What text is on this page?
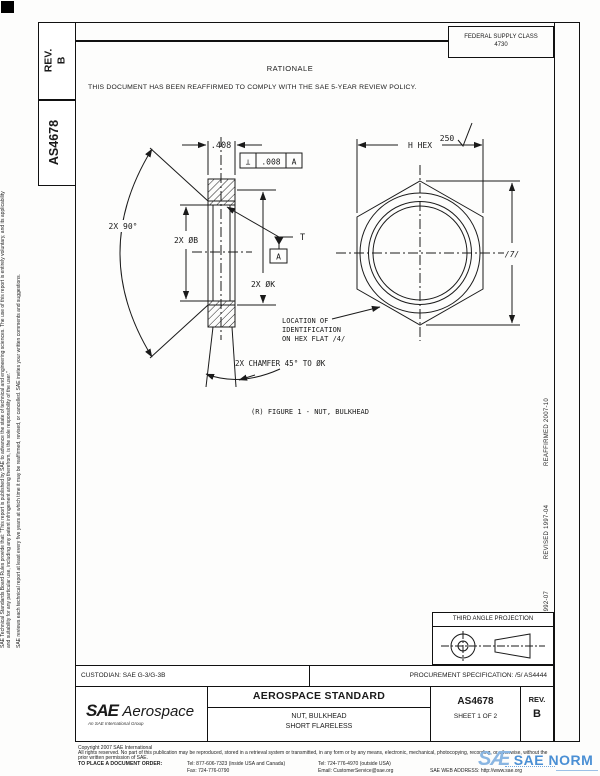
REV. B
AS4678
FEDERAL SUPPLY CLASS
4730
RATIONALE
THIS DOCUMENT HAS BEEN REAFFIRMED TO COMPLY WITH THE SAE 5-YEAR REVIEW POLICY.
.408
⊥ .008 A
2X 90°
2X ØB
2X ØK
A
T
2X CHAMFER 45° TO ØK
H HEX
250
/7/
LOCATION OF
IDENTIFICATION
ON HEX FLAT /4/
(R) FIGURE 1 - NUT, BULKHEAD

SAE Technical Standards Board Rules provide that: "This report is published by SAE to advance the state of technical and engineering sciences. The use of this report is entirely voluntary, and its applicability and suitability for any particular use, including any patent infringement arising therefrom, is the sole responsibility of the user." SAE reviews each technical report at least every five years at which time it may be reaffirmed, revised, or cancelled. SAE invites your written comments and suggestions.	REAFFIRMED 2007-10
REVISED 1997-04
THIRD ANGLE PROJECTION
CUSTODIAN: SAE G-3/G-3B	PROCUREMENT SPECIFICATION: /5/ AS4444
SAE Aerospace
An SAE International Group
AEROSPACE STANDARD
NUT, BULKHEAD
SHORT FLARELESS
AS4678
SHEET 1 OF 2
REV.
B
Copyright 2007 SAE International
All rights reserved. No part of this publication may be reproduced, stored in a retrieval system or transmitted, in any form or by any means, electronic, mechanical, photocopying, recording, or otherwise, without the prior written permission of SAE.
TO PLACE A DOCUMENT ORDER:	Tel: 877-606-7323 (inside USA and Canada)	Tel: 724-776-4970 (outside USA)
Fax: 724-776-0790	Email: CustomerService@sae.org	SAE WEB ADDRESS: http://www.sae.org
SÆ SAE NORM
